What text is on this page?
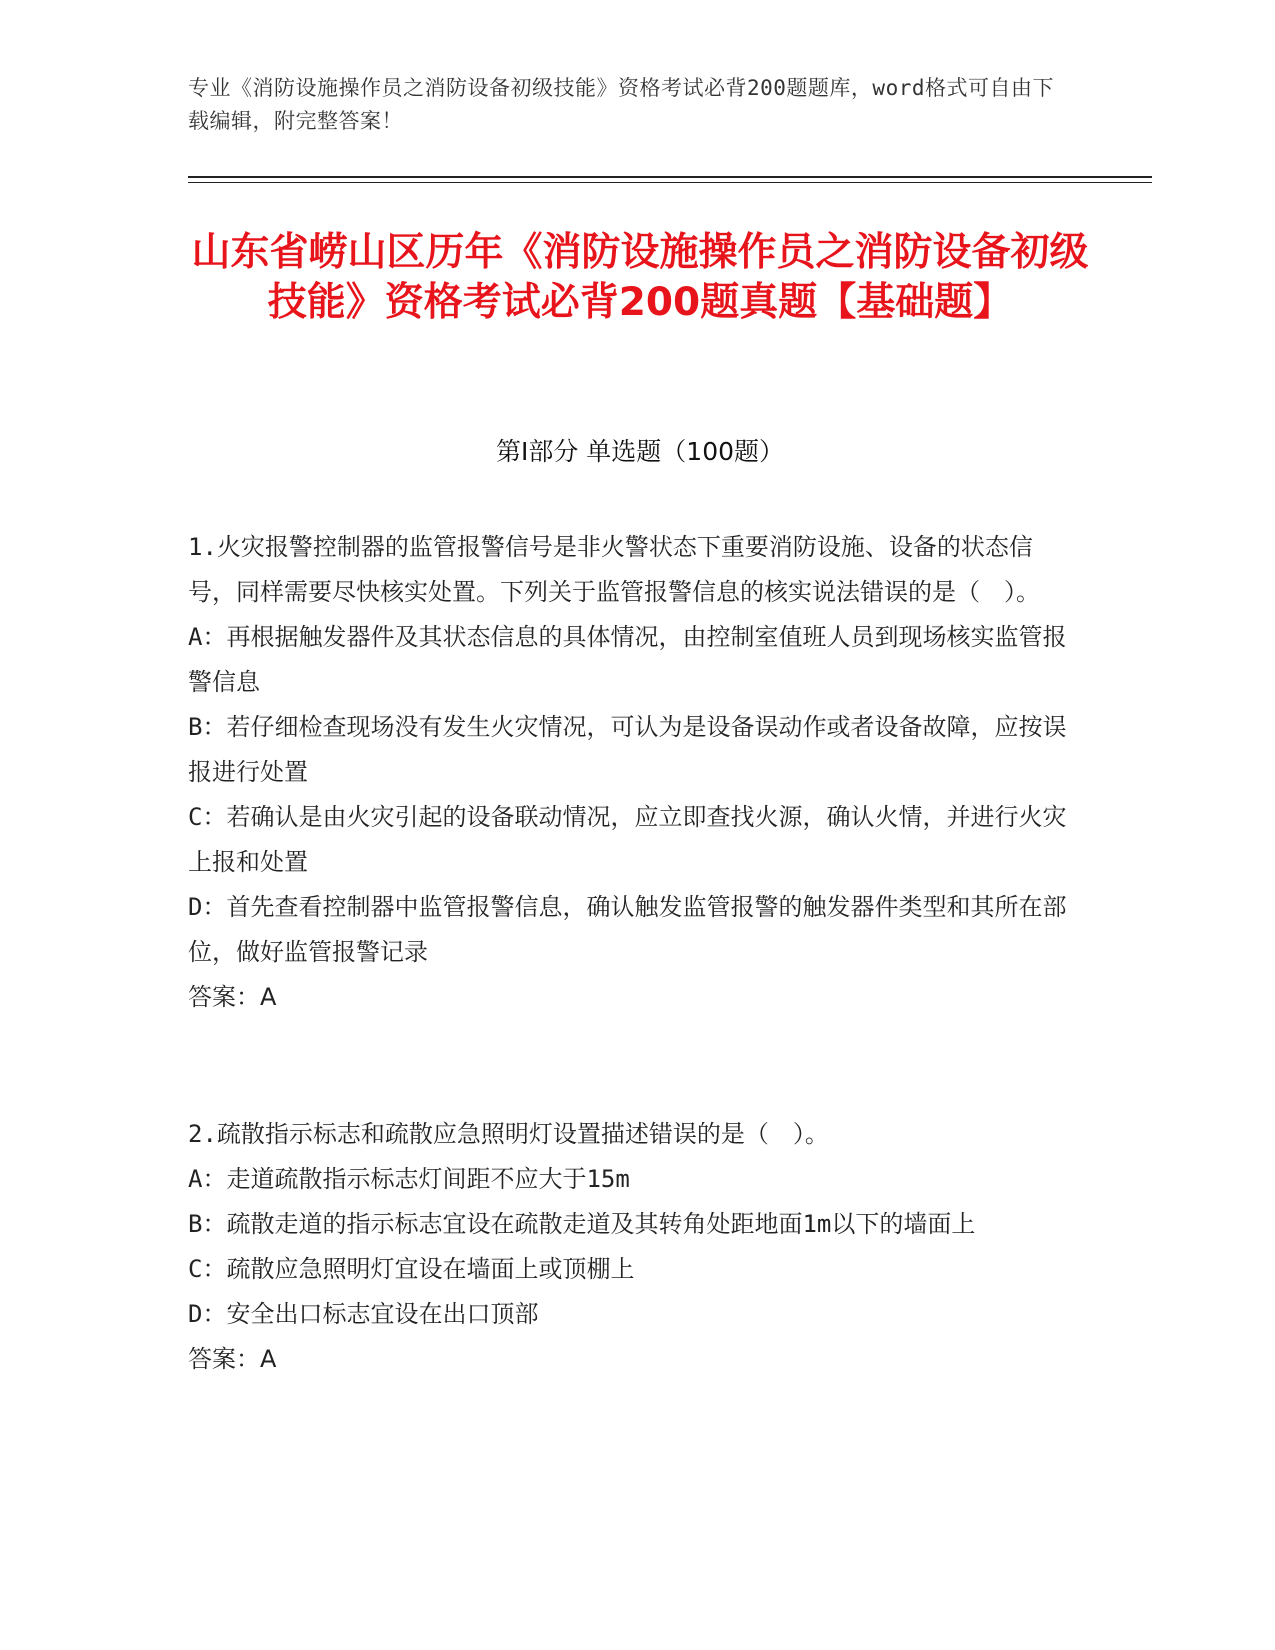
专业《消防设施操作员之消防设备初级技能》资格考试必背200题题库，word格式可自由下载编辑，附完整答案！
山东省崂山区历年《消防设施操作员之消防设备初级技能》资格考试必背200题真题【基础题】
第I部分 单选题（100题）
1.火灾报警控制器的监管报警信号是非火警状态下重要消防设施、设备的状态信号，同样需要尽快核实处置。下列关于监管报警信息的核实说法错误的是（　）。
A：再根据触发器件及其状态信息的具体情况，由控制室值班人员到现场核实监管报警信息
B：若仔细检查现场没有发生火灾情况，可认为是设备误动作或者设备故障，应按误报进行处置
C：若确认是由火灾引起的设备联动情况，应立即查找火源，确认火情，并进行火灾上报和处置
D：首先查看控制器中监管报警信息，确认触发监管报警的触发器件类型和其所在部位，做好监管报警记录
答案：A
2.疏散指示标志和疏散应急照明灯设置描述错误的是（　）。
A：走道疏散指示标志灯间距不应大于15m
B：疏散走道的指示标志宜设在疏散走道及其转角处距地面1m以下的墙面上
C：疏散应急照明灯宜设在墙面上或顶棚上
D：安全出口标志宜设在出口顶部
答案：A
